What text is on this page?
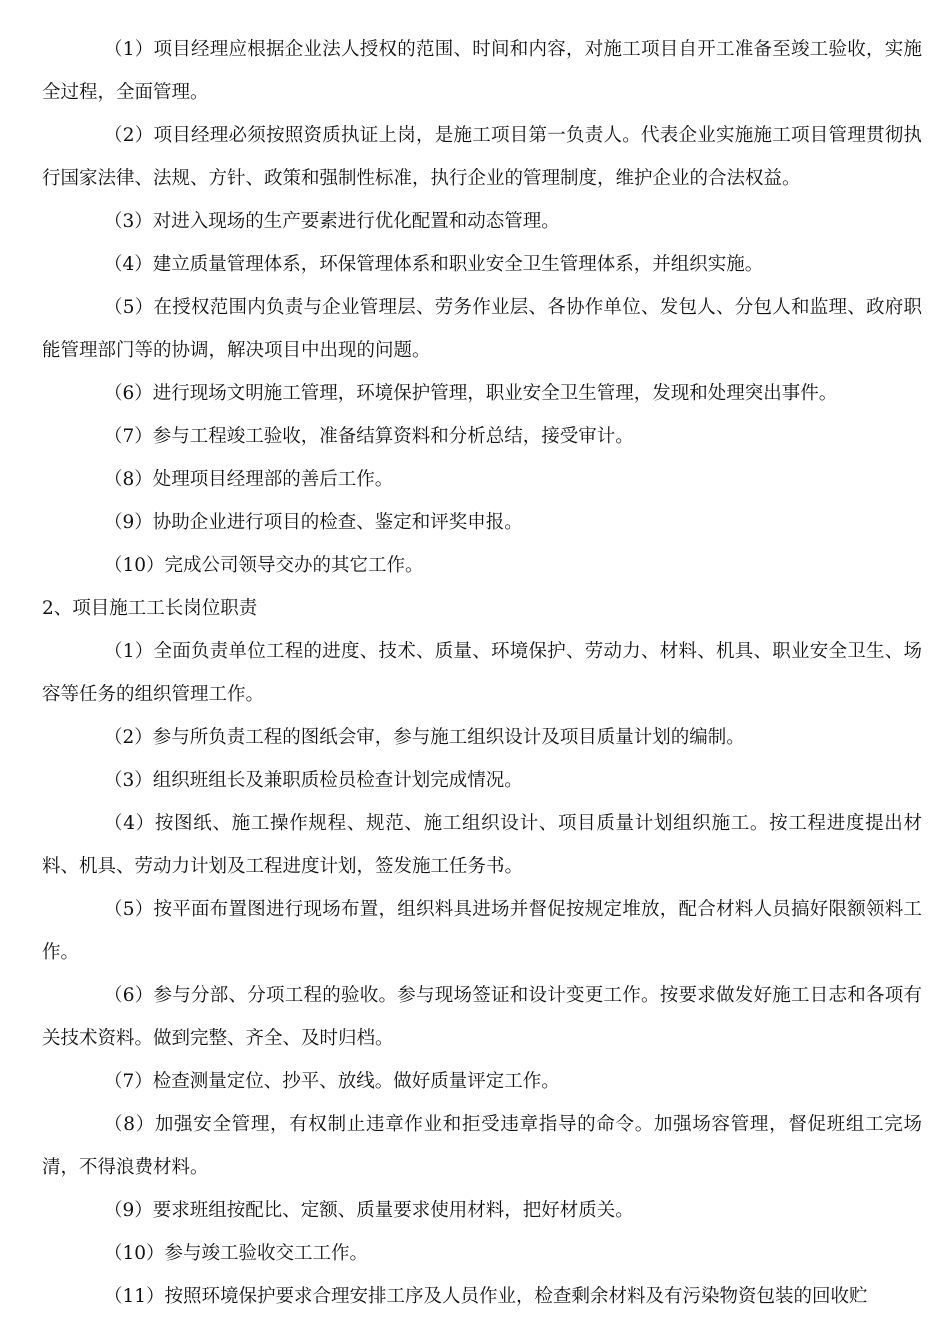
（1）项目经理应根据企业法人授权的范围、时间和内容，对施工项目自开工准备至竣工验收，实施全过程，全面管理。

（2）项目经理必须按照资质执证上岗，是施工项目第一负责人。代表企业实施施工项目管理贯彻执行国家法律、法规、方针、政策和强制性标准，执行企业的管理制度，维护企业的合法权益。

（3）对进入现场的生产要素进行优化配置和动态管理。

（4）建立质量管理体系，环保管理体系和职业安全卫生管理体系，并组织实施。

（5）在授权范围内负责与企业管理层、劳务作业层、各协作单位、发包人、分包人和监理、政府职能管理部门等的协调，解决项目中出现的问题。

（6）进行现场文明施工管理，环境保护管理，职业安全卫生管理，发现和处理突出事件。

（7）参与工程竣工验收，准备结算资料和分析总结，接受审计。

（8）处理项目经理部的善后工作。

（9）协助企业进行项目的检查、鉴定和评奖申报。

（10）完成公司领导交办的其它工作。

2、项目施工工长岗位职责

（1）全面负责单位工程的进度、技术、质量、环境保护、劳动力、材料、机具、职业安全卫生、场容等任务的组织管理工作。

（2）参与所负责工程的图纸会审，参与施工组织设计及项目质量计划的编制。

（3）组织班组长及兼职质检员检查计划完成情况。

（4）按图纸、施工操作规程、规范、施工组织设计、项目质量计划组织施工。按工程进度提出材料、机具、劳动力计划及工程进度计划，签发施工任务书。

（5）按平面布置图进行现场布置，组织料具进场并督促按规定堆放，配合材料人员搞好限额领料工作。

（6）参与分部、分项工程的验收。参与现场签证和设计变更工作。按要求做发好施工日志和各项有关技术资料。做到完整、齐全、及时归档。

（7）检查测量定位、抄平、放线。做好质量评定工作。

（8）加强安全管理，有权制止违章作业和拒受违章指导的命令。加强场容管理，督促班组工完场清，不得浪费材料。

（9）要求班组按配比、定额、质量要求使用材料，把好材质关。

（10）参与竣工验收交工工作。

（11）按照环境保护要求合理安排工序及人员作业，检查剩余材料及有污染物资包装的回收贮
